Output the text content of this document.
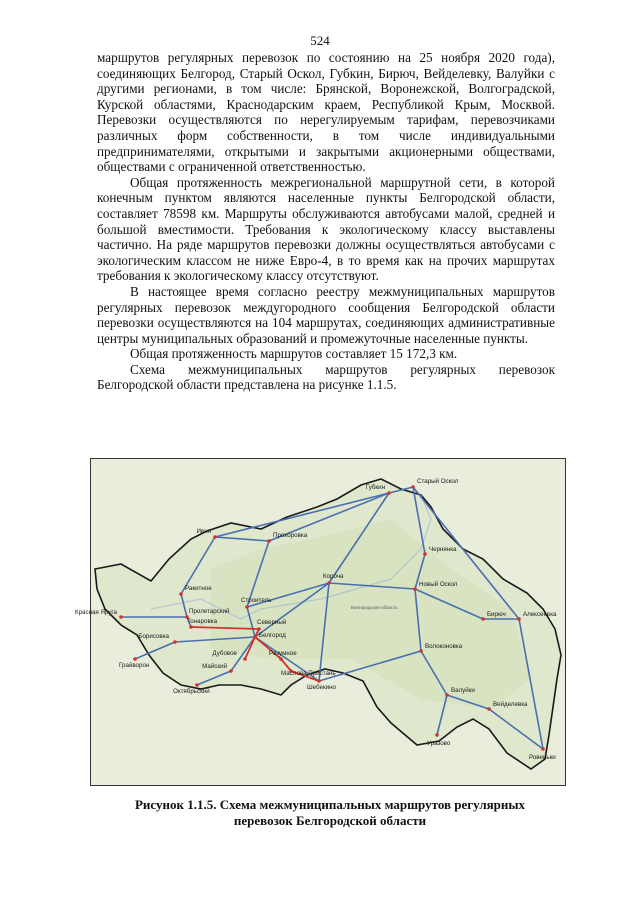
524

маршрутов регулярных перевозок по состоянию на 25 ноября 2020 года), соединяющих Белгород, Старый Оскол, Губкин, Бирюч, Вейделевку, Валуйки с другими регионами, в том числе: Брянской, Воронежской, Волгоградской, Курской областями, Краснодарским краем, Республикой Крым, Москвой. Перевозки осуществляются по нерегулируемым тарифам, перевозчиками различных форм собственности, в том числе индивидуальными предпринимателями, открытыми и закрытыми акционерными обществами, обществами с ограниченной ответственностью.

Общая протяженность межрегиональной маршрутной сети, в которой конечным пунктом являются населенные пункты Белгородской области, составляет 78598 км. Маршруты обслуживаются автобусами малой, средней и большой вместимости. Требования к экологическому классу выставлены частично. На ряде маршрутов перевозки должны осуществляться автобусами с экологическим классом не ниже Евро-4, в то время как на прочих маршрутах требования к экологическому классу отсутствуют.

В настоящее время согласно реестру межмуниципальных маршрутов регулярных перевозок междугородного сообщения Белгородской области перевозки осуществляются на 104 маршрутах, соединяющих административные центры муниципальных образований и промежуточные населенные пункты.

Общая протяженность маршрутов составляет 15 172,3 км.

Схема межмуниципальных маршрутов регулярных перевозок Белгородской области представлена на рисунке 1.1.5.

Белгородская область
Губкин
Старый Оскол
Ивня
Прохоровка
Чернянка
Ракитное
Красная Яруга	Пролетарский
Строитель
Короча
Новый Оскол
Тонаровка	Северный
Бирюч	Алексеевка
Борисовка	Белгород
Дубовое	Разумное
Волоконовка
Майский
Маслова Пристань
Грайворон
Шебекино
Октябрьский	Валуйки
Вейделевка
Уразово
Ровеньки
Рисунок 1.1.5. Схема межмуниципальных маршрутов регулярных
перевозок Белгородской области
